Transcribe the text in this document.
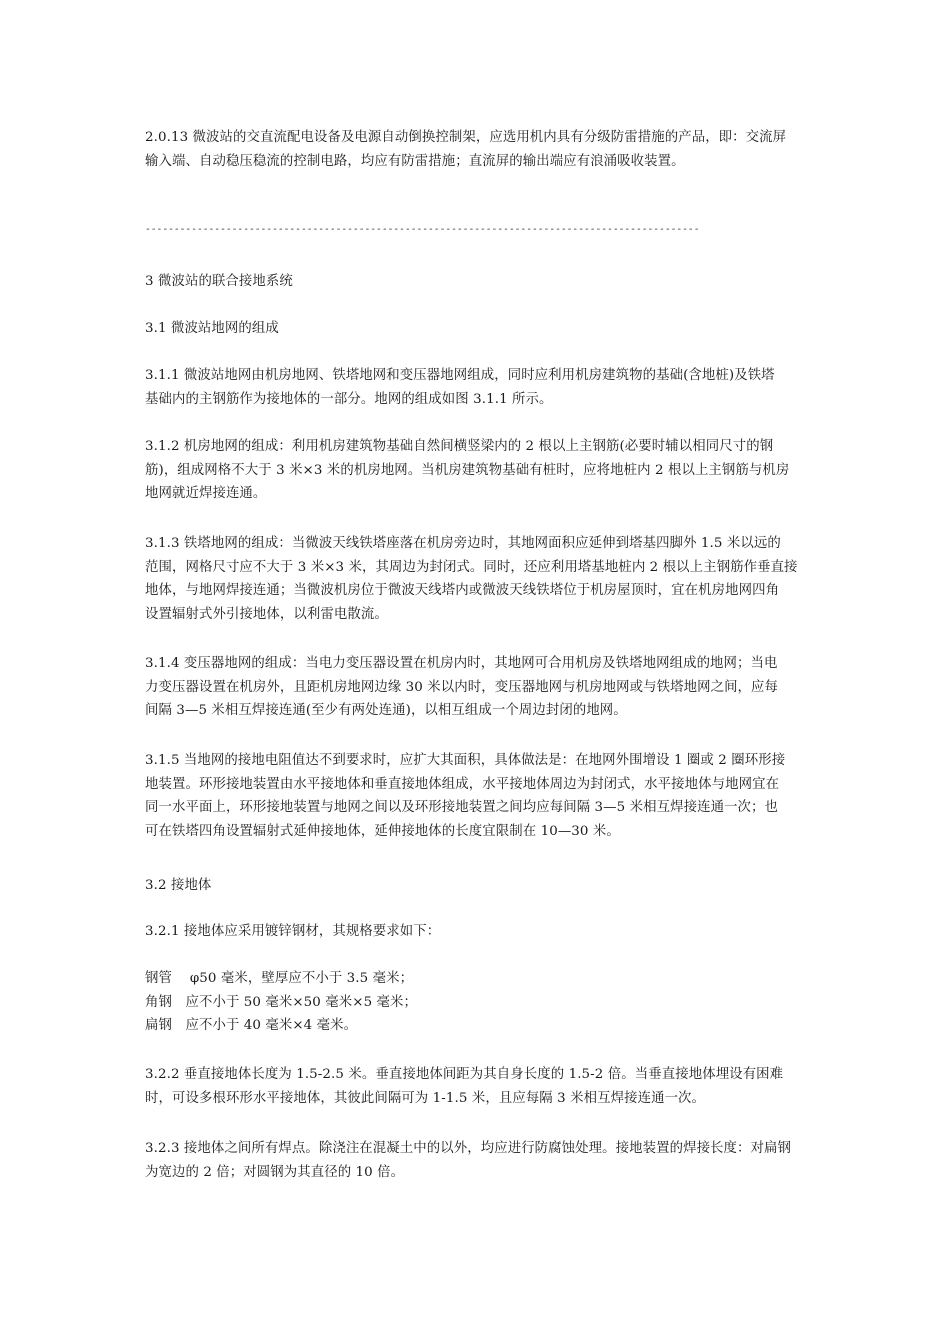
2.0.13 微波站的交直流配电设备及电源自动倒换控制架，应选用机内具有分级防雷措施的产品，即：交流屏
输入端、自动稳压稳流的控制电路，均应有防雷措施；直流屏的输出端应有浪涌吸收装置。

------------------------------------------------------------------------------------------------

3 微波站的联合接地系统

3.1 微波站地网的组成

3.1.1 微波站地网由机房地网、铁塔地网和变压器地网组成，同时应利用机房建筑物的基础(含地桩)及铁塔
基础内的主钢筋作为接地体的一部分。地网的组成如图 3.1.1 所示。

3.1.2 机房地网的组成：利用机房建筑物基础自然间横竖梁内的 2 根以上主钢筋(必要时辅以相同尺寸的钢
筋)，组成网格不大于 3 米×3 米的机房地网。当机房建筑物基础有桩时，应将地桩内 2 根以上主钢筋与机房
地网就近焊接连通。

3.1.3 铁塔地网的组成：当微波天线铁塔座落在机房旁边时，其地网面积应延伸到塔基四脚外 1.5 米以远的
范围，网格尺寸应不大于 3 米×3 米，其周边为封闭式。同时，还应利用塔基地桩内 2 根以上主钢筋作垂直接
地体，与地网焊接连通；当微波机房位于微波天线塔内或微波天线铁塔位于机房屋顶时，宜在机房地网四角
设置辐射式外引接地体，以利雷电散流。

3.1.4 变压器地网的组成：当电力变压器设置在机房内时，其地网可合用机房及铁塔地网组成的地网；当电
力变压器设置在机房外，且距机房地网边缘 30 米以内时，变压器地网与机房地网或与铁塔地网之间，应每
间隔 3—5 米相互焊接连通(至少有两处连通)，以相互组成一个周边封闭的地网。

3.1.5 当地网的接地电阻值达不到要求时，应扩大其面积，具体做法是：在地网外围增设 1 圈或 2 圈环形接
地装置。环形接地装置由水平接地体和垂直接地体组成，水平接地体周边为封闭式，水平接地体与地网宜在
同一水平面上，环形接地装置与地网之间以及环形接地装置之间均应每间隔 3—5 米相互焊接连通一次；也
可在铁塔四角设置辐射式延伸接地体，延伸接地体的长度宜限制在 10—30 米。

3.2 接地体

3.2.1 接地体应采用镀锌钢材，其规格要求如下：

钢管　 φ50 毫米，壁厚应不小于 3.5 毫米；
角钢　应不小于 50 毫米×50 毫米×5 毫米；
扁钢　应不小于 40 毫米×4 毫米。

3.2.2 垂直接地体长度为 1.5-2.5 米。垂直接地体间距为其自身长度的 1.5-2 倍。当垂直接地体埋设有困难
时，可设多根环形水平接地体，其彼此间隔可为 1-1.5 米，且应每隔 3 米相互焊接连通一次。

3.2.3 接地体之间所有焊点。除浇注在混凝土中的以外，均应进行防腐蚀处理。接地装置的焊接长度：对扁钢
为宽边的 2 倍；对圆钢为其直径的 10 倍。
